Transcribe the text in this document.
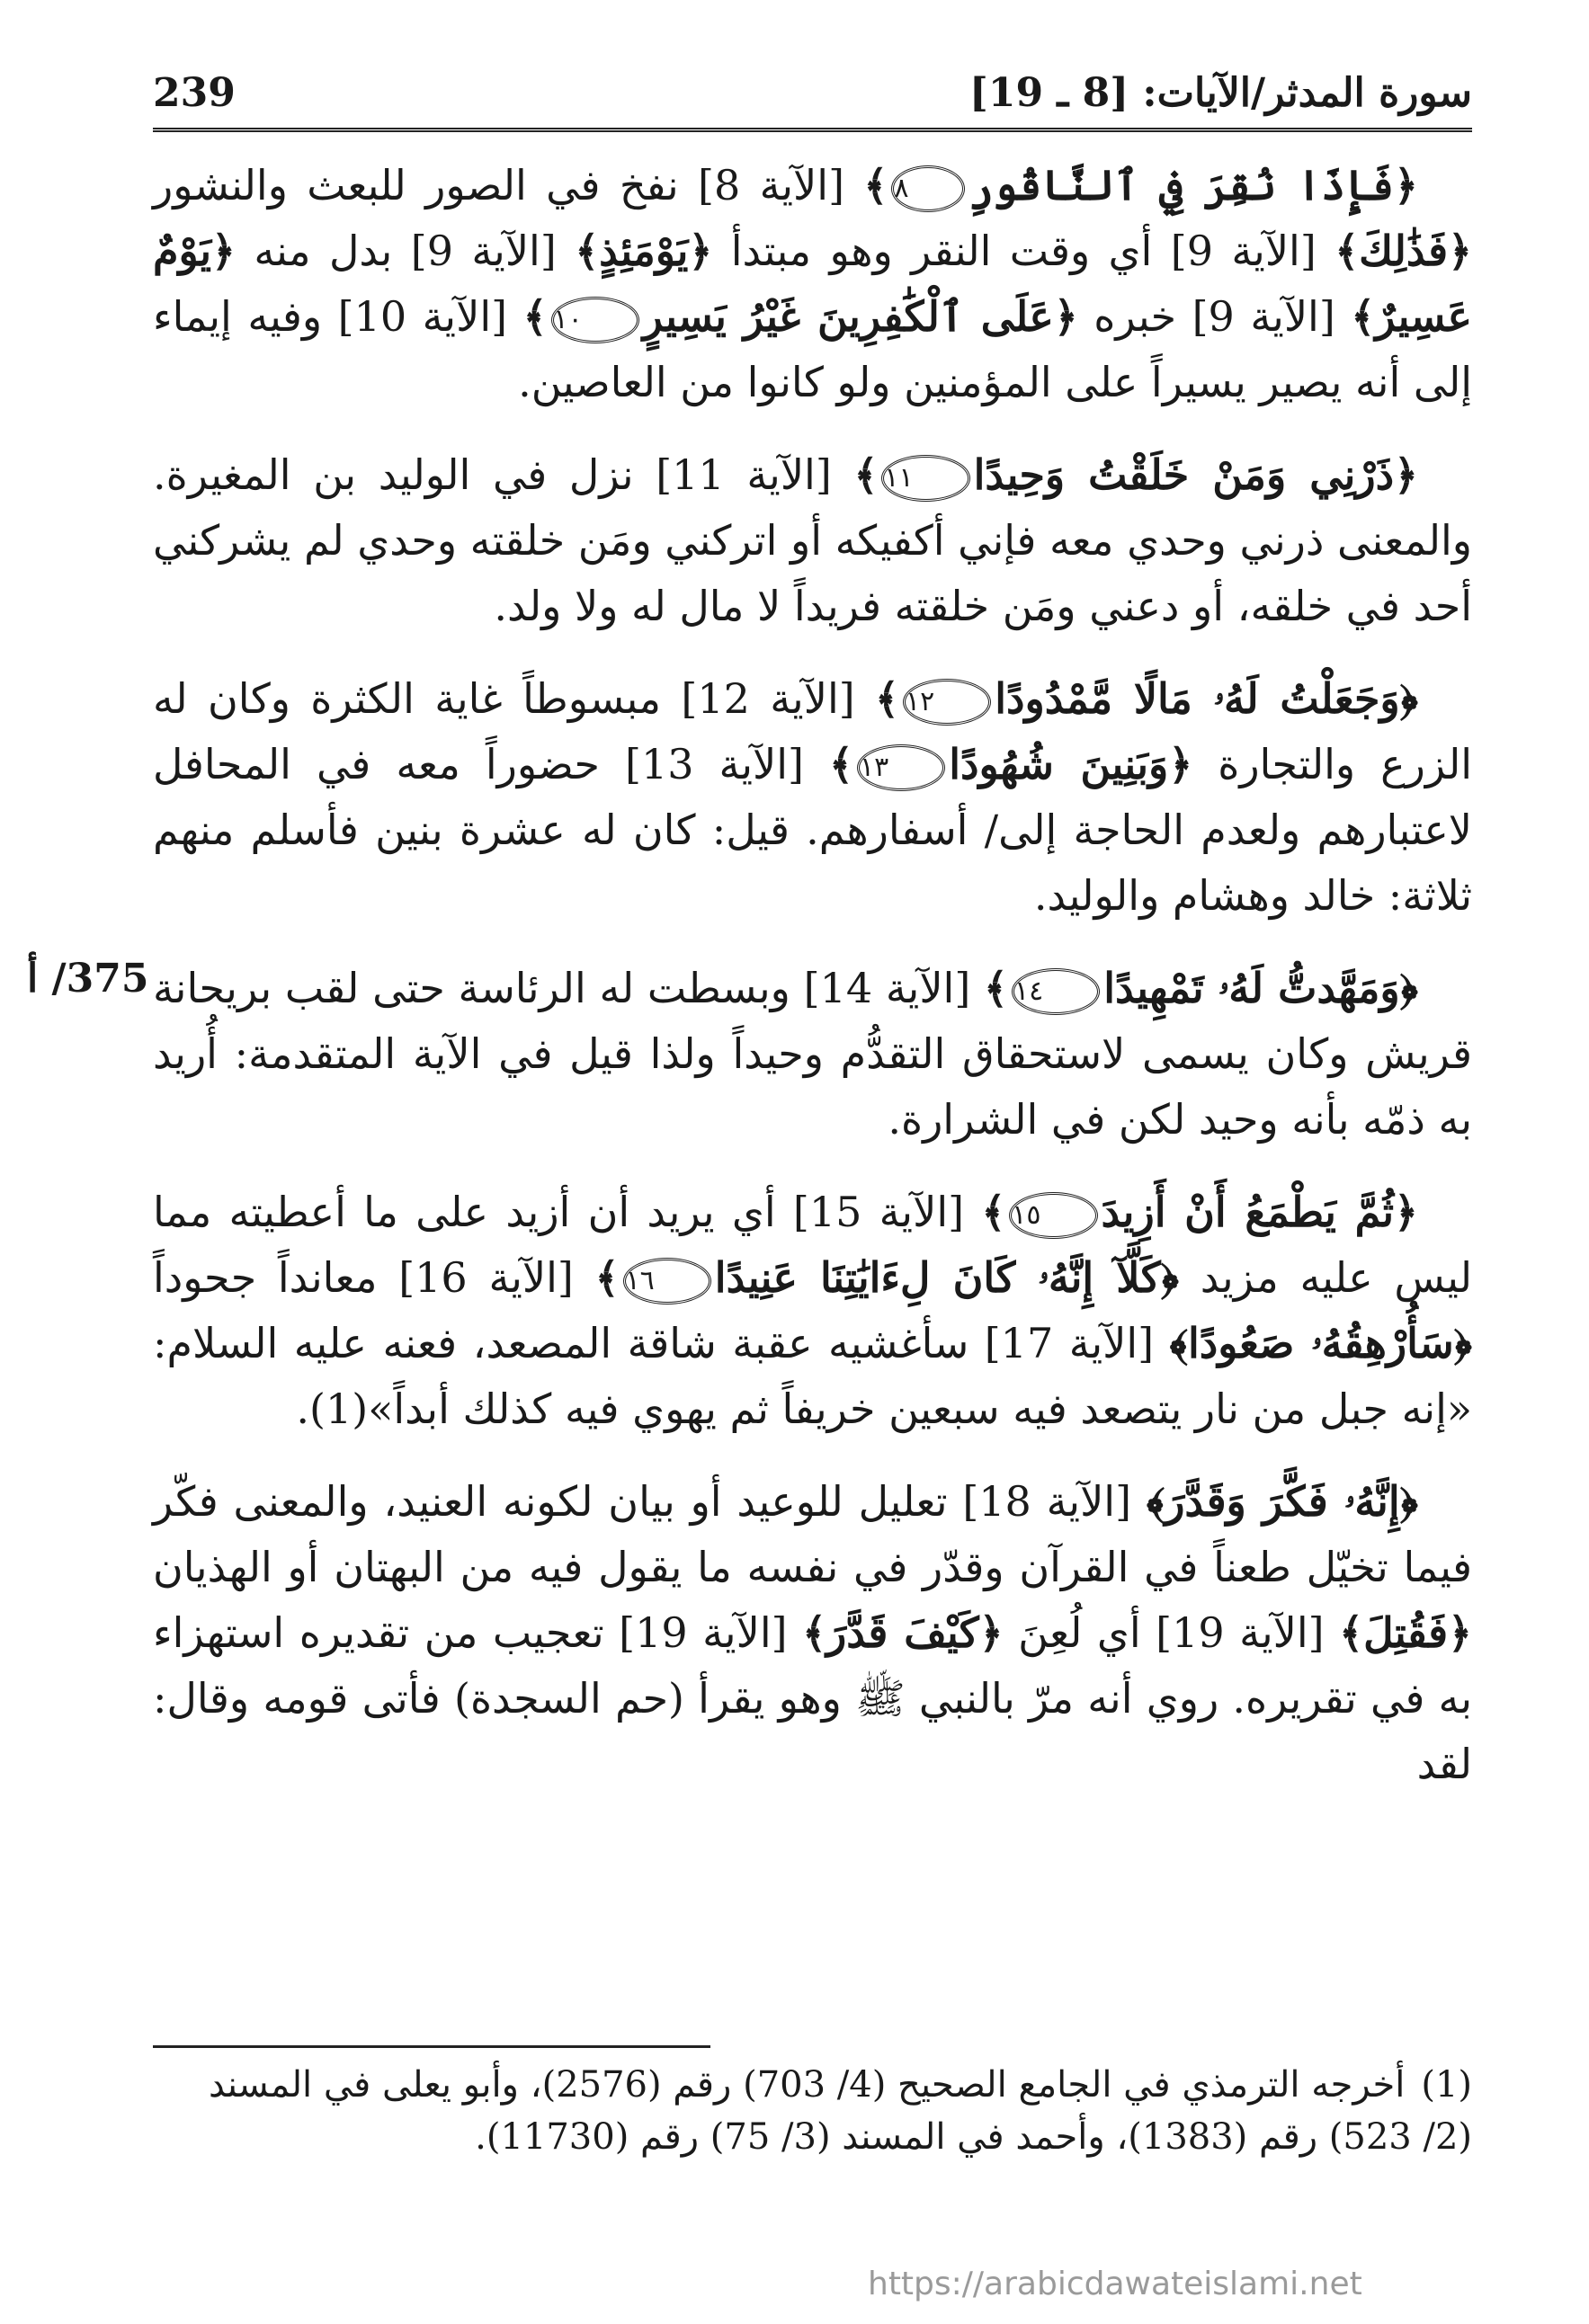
سورة المدثر/الآيات: [8 ـ 19]
239

﴿فَإِذَا نُقِرَ فِي ٱلنَّاقُورِ٨﴾ [الآية 8] نفخ في الصور للبعث والنشور ﴿فَذَٰلِكَ﴾ [الآية 9] أي وقت النقر وهو مبتدأ ﴿يَوْمَئِذٍ﴾ [الآية 9] بدل منه ﴿يَوْمٌ عَسِيرٌ﴾ [الآية 9] خبره ﴿عَلَى ٱلْكَٰفِرِينَ غَيْرُ يَسِيرٍ١٠﴾ [الآية 10] وفيه إيماء إلى أنه يصير يسيراً على المؤمنين ولو كانوا من العاصين.

﴿ذَرْنِي وَمَنْ خَلَقْتُ وَحِيدًا١١﴾ [الآية 11] نزل في الوليد بن المغيرة. والمعنى ذرني وحدي معه فإني أكفيكه أو اتركني ومَن خلقته وحدي لم يشركني أحد في خلقه، أو دعني ومَن خلقته فريداً لا مال له ولا ولد.

﴿وَجَعَلْتُ لَهُۥ مَالًا مَّمْدُودًا١٢﴾ [الآية 12] مبسوطاً غاية الكثرة وكان له الزرع والتجارة ﴿وَبَنِينَ شُهُودًا١٣﴾ [الآية 13] حضوراً معه في المحافل لاعتبارهم ولعدم الحاجة إلى/ أسفارهم. قيل: كان له عشرة بنين فأسلم منهم ثلاثة: خالد وهشام والوليد.

﴿وَمَهَّدتُّ لَهُۥ تَمْهِيدًا١٤﴾ [الآية 14] وبسطت له الرئاسة حتى لقب بريحانة قريش وكان يسمى لاستحقاق التقدُّم وحيداً ولذا قيل في الآية المتقدمة: أُريد به ذمّه بأنه وحيد لكن في الشرارة.

﴿ثُمَّ يَطْمَعُ أَنْ أَزِيدَ١٥﴾ [الآية 15] أي يريد أن أزيد على ما أعطيته مما ليس عليه مزيد ﴿كَلَّآ إِنَّهُۥ كَانَ لِءَايَٰتِنَا عَنِيدًا١٦﴾ [الآية 16] معانداً جحوداً ﴿سَأُرْهِقُهُۥ صَعُودًا﴾ [الآية 17] سأغشيه عقبة شاقة المصعد، فعنه عليه السلام: «إنه جبل من نار يتصعد فيه سبعين خريفاً ثم يهوي فيه كذلك أبداً»(1).

﴿إِنَّهُۥ فَكَّرَ وَقَدَّرَ﴾ [الآية 18] تعليل للوعيد أو بيان لكونه العنيد، والمعنى فكّر فيما تخيّل طعناً في القرآن وقدّر في نفسه ما يقول فيه من البهتان أو الهذيان ﴿فَقُتِلَ﴾ [الآية 19] أي لُعِنَ ﴿كَيْفَ قَدَّرَ﴾ [الآية 19] تعجيب من تقديره استهزاء به في تقريره. روي أنه مرّ بالنبي ﷺ وهو يقرأ (حم السجدة) فأتى قومه وقال: لقد

375/ أ
(1)أخرجه الترمذي في الجامع الصحيح (4/ 703) رقم (2576)، وأبو يعلى في المسند (2/ 523) رقم (1383)، وأحمد في المسند (3/ 75) رقم (11730).
https://arabicdawateislami.net
